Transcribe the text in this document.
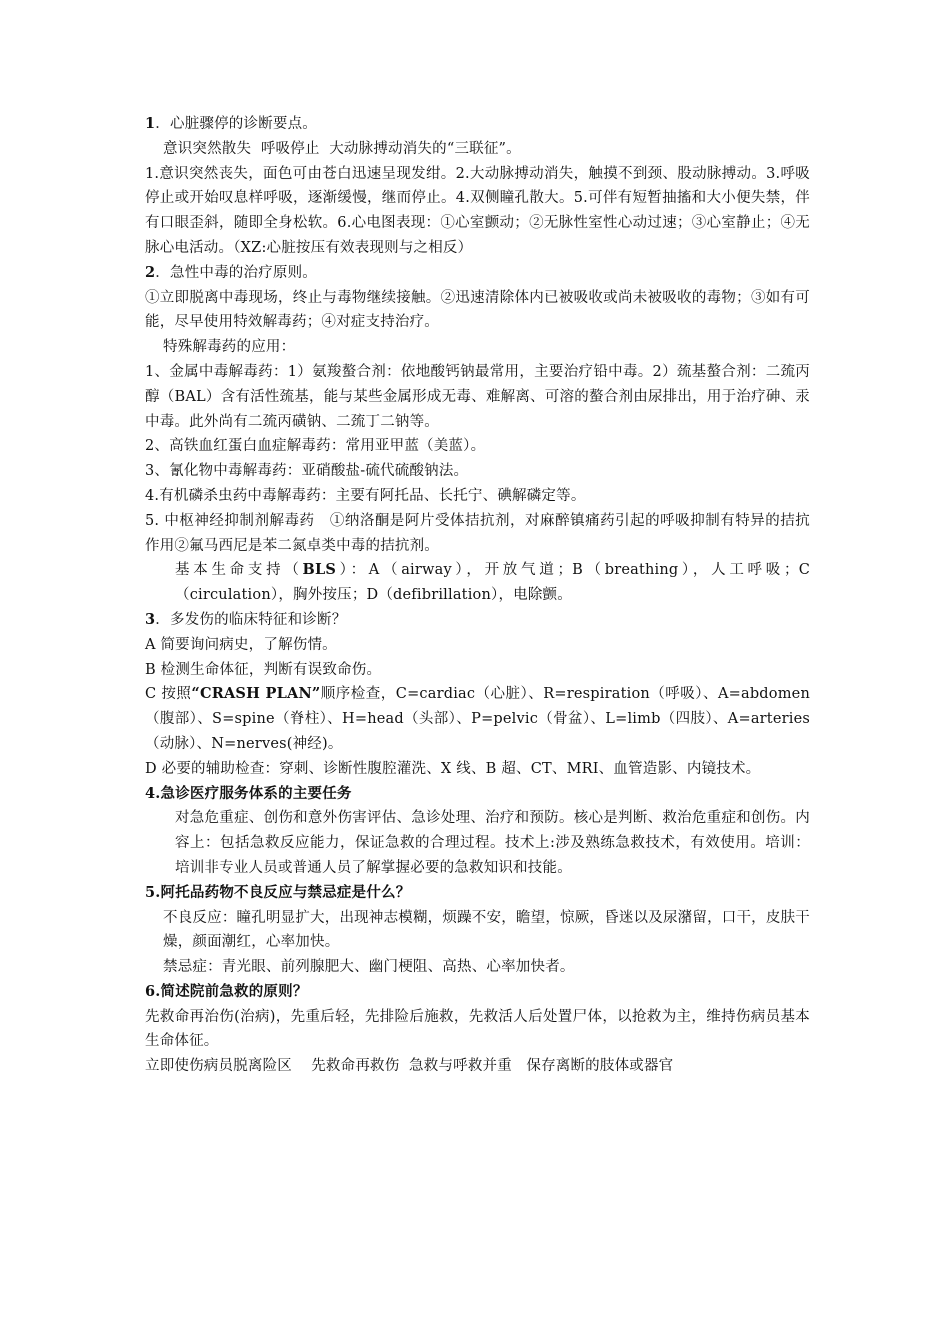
1．心脏骤停的诊断要点。

意识突然散失  呼吸停止  大动脉搏动消失的“三联征”。

1.意识突然丧失，面色可由苍白迅速呈现发绀。2.大动脉搏动消失，触摸不到颈、股动脉搏动。3.呼吸停止或开始叹息样呼吸，逐渐缓慢，继而停止。4.双侧瞳孔散大。5.可伴有短暂抽搐和大小便失禁，伴有口眼歪斜，随即全身松软。6.心电图表现：①心室颤动；②无脉性室性心动过速；③心室静止；④无脉心电活动。（XZ:心脏按压有效表现则与之相反）

2．急性中毒的治疗原则。

①立即脱离中毒现场，终止与毒物继续接触。②迅速清除体内已被吸收或尚未被吸收的毒物；③如有可能，尽早使用特效解毒药；④对症支持治疗。

特殊解毒药的应用：

1、金属中毒解毒药：1）氨羧螯合剂：依地酸钙钠最常用，主要治疗铅中毒。2）巯基螯合剂：二巯丙醇（BAL）含有活性巯基，能与某些金属形成无毒、难解离、可溶的螯合剂由尿排出，用于治疗砷、汞中毒。此外尚有二巯丙磺钠、二巯丁二钠等。

2、高铁血红蛋白血症解毒药：常用亚甲蓝（美蓝）。

3、氰化物中毒解毒药：亚硝酸盐-硫代硫酸钠法。

4.有机磷杀虫药中毒解毒药：主要有阿托品、长托宁、碘解磷定等。

5. 中枢神经抑制剂解毒药   ①纳洛酮是阿片受体拮抗剂，对麻醉镇痛药引起的呼吸抑制有特异的拮抗作用②氟马西尼是苯二氮卓类中毒的拮抗剂。

基本生命支持（BLS）：A（airway），开放气道；B（breathing），人工呼吸；C（circulation），胸外按压；D（defibrillation），电除颤。

3．多发伤的临床特征和诊断？

A 简要询问病史，了解伤情。

B 检测生命体征，判断有误致命伤。

C 按照“CRASH PLAN”顺序检查，C=cardiac（心脏）、R=respiration（呼吸）、A=abdomen（腹部）、S=spine（脊柱）、H=head（头部）、P=pelvic（骨盆）、L=limb（四肢）、A=arteries（动脉）、N=nerves(神经)。

D 必要的辅助检查：穿刺、诊断性腹腔灌洗、X 线、B 超、CT、MRI、血管造影、内镜技术。

4.急诊医疗服务体系的主要任务

对急危重症、创伤和意外伤害评估、急诊处理、治疗和预防。核心是判断、救治危重症和创伤。内容上：包括急救反应能力，保证急救的合理过程。技术上:涉及熟练急救技术，有效使用。培训：培训非专业人员或普通人员了解掌握必要的急救知识和技能。

5.阿托品药物不良反应与禁忌症是什么？

不良反应：瞳孔明显扩大，出现神志模糊，烦躁不安，瞻望，惊厥，昏迷以及尿潴留，口干，皮肤干燥，颜面潮红，心率加快。

禁忌症：青光眼、前列腺肥大、幽门梗阻、高热、心率加快者。

6.简述院前急救的原则？

先救命再治伤(治病)，先重后轻，先排险后施救，先救活人后处置尸体，以抢救为主，维持伤病员基本生命体征。

立即使伤病员脱离险区    先救命再救伤  急救与呼救并重   保存离断的肢体或器官
